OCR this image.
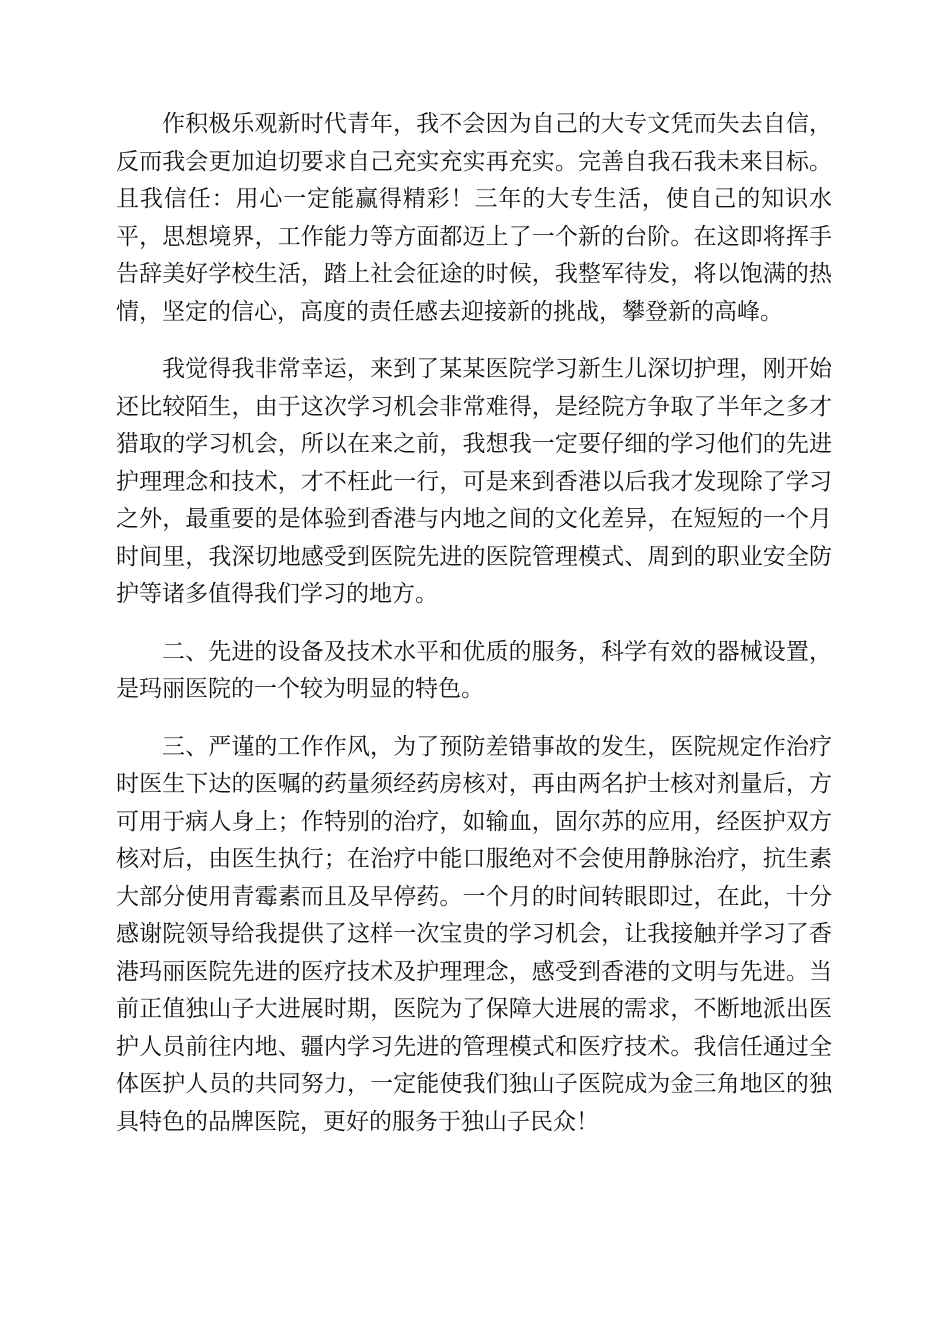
作积极乐观新时代青年，我不会因为自己的大专文凭而失去自信，反而我会更加迫切要求自己充实充实再充实。完善自我石我未来目标。且我信任：用心一定能赢得精彩！三年的大专生活，使自己的知识水平，思想境界，工作能力等方面都迈上了一个新的台阶。在这即将挥手告辞美好学校生活，踏上社会征途的时候，我整军待发，将以饱满的热情，坚定的信心，高度的责任感去迎接新的挑战，攀登新的高峰。

我觉得我非常幸运，来到了某某医院学习新生儿深切护理，刚开始还比较陌生，由于这次学习机会非常难得，是经院方争取了半年之多才猎取的学习机会，所以在来之前，我想我一定要仔细的学习他们的先进护理理念和技术，才不枉此一行，可是来到香港以后我才发现除了学习之外，最重要的是体验到香港与内地之间的文化差异，在短短的一个月时间里，我深切地感受到医院先进的医院管理模式、周到的职业安全防护等诸多值得我们学习的地方。

二、先进的设备及技术水平和优质的服务，科学有效的器械设置，是玛丽医院的一个较为明显的特色。

三、严谨的工作作风，为了预防差错事故的发生，医院规定作治疗时医生下达的医嘱的药量须经药房核对，再由两名护士核对剂量后，方可用于病人身上；作特别的治疗，如输血，固尔苏的应用，经医护双方核对后，由医生执行；在治疗中能口服绝对不会使用静脉治疗，抗生素大部分使用青霉素而且及早停药。一个月的时间转眼即过，在此，十分感谢院领导给我提供了这样一次宝贵的学习机会，让我接触并学习了香港玛丽医院先进的医疗技术及护理理念，感受到香港的文明与先进。当前正值独山子大进展时期，医院为了保障大进展的需求，不断地派出医护人员前往内地、疆内学习先进的管理模式和医疗技术。我信任通过全体医护人员的共同努力，一定能使我们独山子医院成为金三角地区的独具特色的品牌医院，更好的服务于独山子民众！
